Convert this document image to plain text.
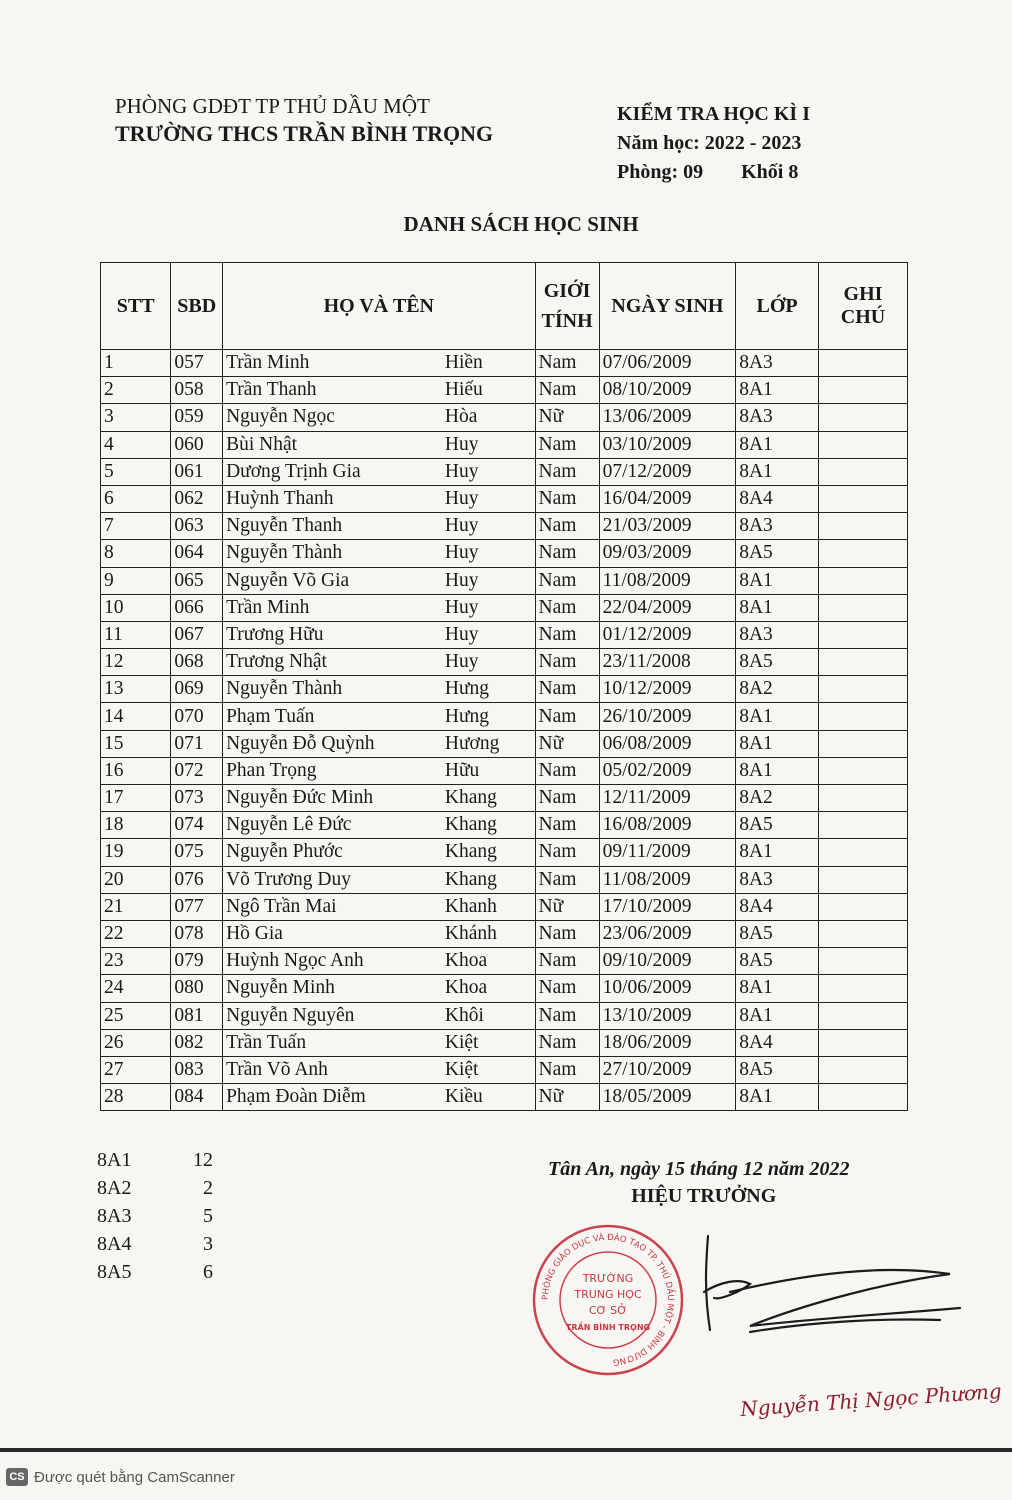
PHÒNG GDĐT TP THỦ DẦU MỘT
TRƯỜNG THCS TRẦN BÌNH TRỌNG
KIỂM TRA HỌC KÌ I
Năm học: 2022 - 2023
Phòng: 09 Khối 8
DANH SÁCH HỌC SINH
STT	SBD	HỌ VÀ TÊN		GIỚI TÍNH	NGÀY SINH	LỚP	GHI CHÚ
1	057	Trần Minh	Hiền	Nam	07/06/2009	8A3	
2	058	Trần Thanh	Hiếu	Nam	08/10/2009	8A1	
3	059	Nguyễn Ngọc	Hòa	Nữ	13/06/2009	8A3	
4	060	Bùi Nhật	Huy	Nam	03/10/2009	8A1	
5	061	Dương Trịnh Gia	Huy	Nam	07/12/2009	8A1	
6	062	Huỳnh Thanh	Huy	Nam	16/04/2009	8A4	
7	063	Nguyễn Thanh	Huy	Nam	21/03/2009	8A3	
8	064	Nguyễn Thành	Huy	Nam	09/03/2009	8A5	
9	065	Nguyễn Võ Gia	Huy	Nam	11/08/2009	8A1	
10	066	Trần Minh	Huy	Nam	22/04/2009	8A1	
11	067	Trương Hữu	Huy	Nam	01/12/2009	8A3	
12	068	Trương Nhật	Huy	Nam	23/11/2008	8A5	
13	069	Nguyễn Thành	Hưng	Nam	10/12/2009	8A2	
14	070	Phạm Tuấn	Hưng	Nam	26/10/2009	8A1	
15	071	Nguyễn Đỗ Quỳnh	Hương	Nữ	06/08/2009	8A1	
16	072	Phan Trọng	Hữu	Nam	05/02/2009	8A1	
17	073	Nguyễn Đức Minh	Khang	Nam	12/11/2009	8A2	
18	074	Nguyễn Lê Đức	Khang	Nam	16/08/2009	8A5	
19	075	Nguyễn Phước	Khang	Nam	09/11/2009	8A1	
20	076	Võ Trương Duy	Khang	Nam	11/08/2009	8A3	
21	077	Ngô Trần Mai	Khanh	Nữ	17/10/2009	8A4	
22	078	Hồ Gia	Khánh	Nam	23/06/2009	8A5	
23	079	Huỳnh Ngọc Anh	Khoa	Nam	09/10/2009	8A5	
24	080	Nguyễn Minh	Khoa	Nam	10/06/2009	8A1	
25	081	Nguyễn Nguyên	Khôi	Nam	13/10/2009	8A1	
26	082	Trần Tuấn	Kiệt	Nam	18/06/2009	8A4	
27	083	Trần Võ Anh	Kiệt	Nam	27/10/2009	8A5	
28	084	Phạm Đoàn Diễm	Kiều	Nữ	18/05/2009	8A1	
8A1	12
8A2	2
8A3	5
8A4	3
8A5	6
Tân An, ngày 15 tháng 12 năm 2022
HIỆU TRƯỞNG
PHÒNG GIÁO DỤC VÀ ĐÀO TẠO TP. THỦ DẦU MỘT - BÌNH DƯƠNG
TRƯỜNG
TRUNG HỌC
CƠ SỞ
TRẦN BÌNH TRỌNG
Nguyễn Thị Ngọc Phương
CS Được quét bằng CamScanner
